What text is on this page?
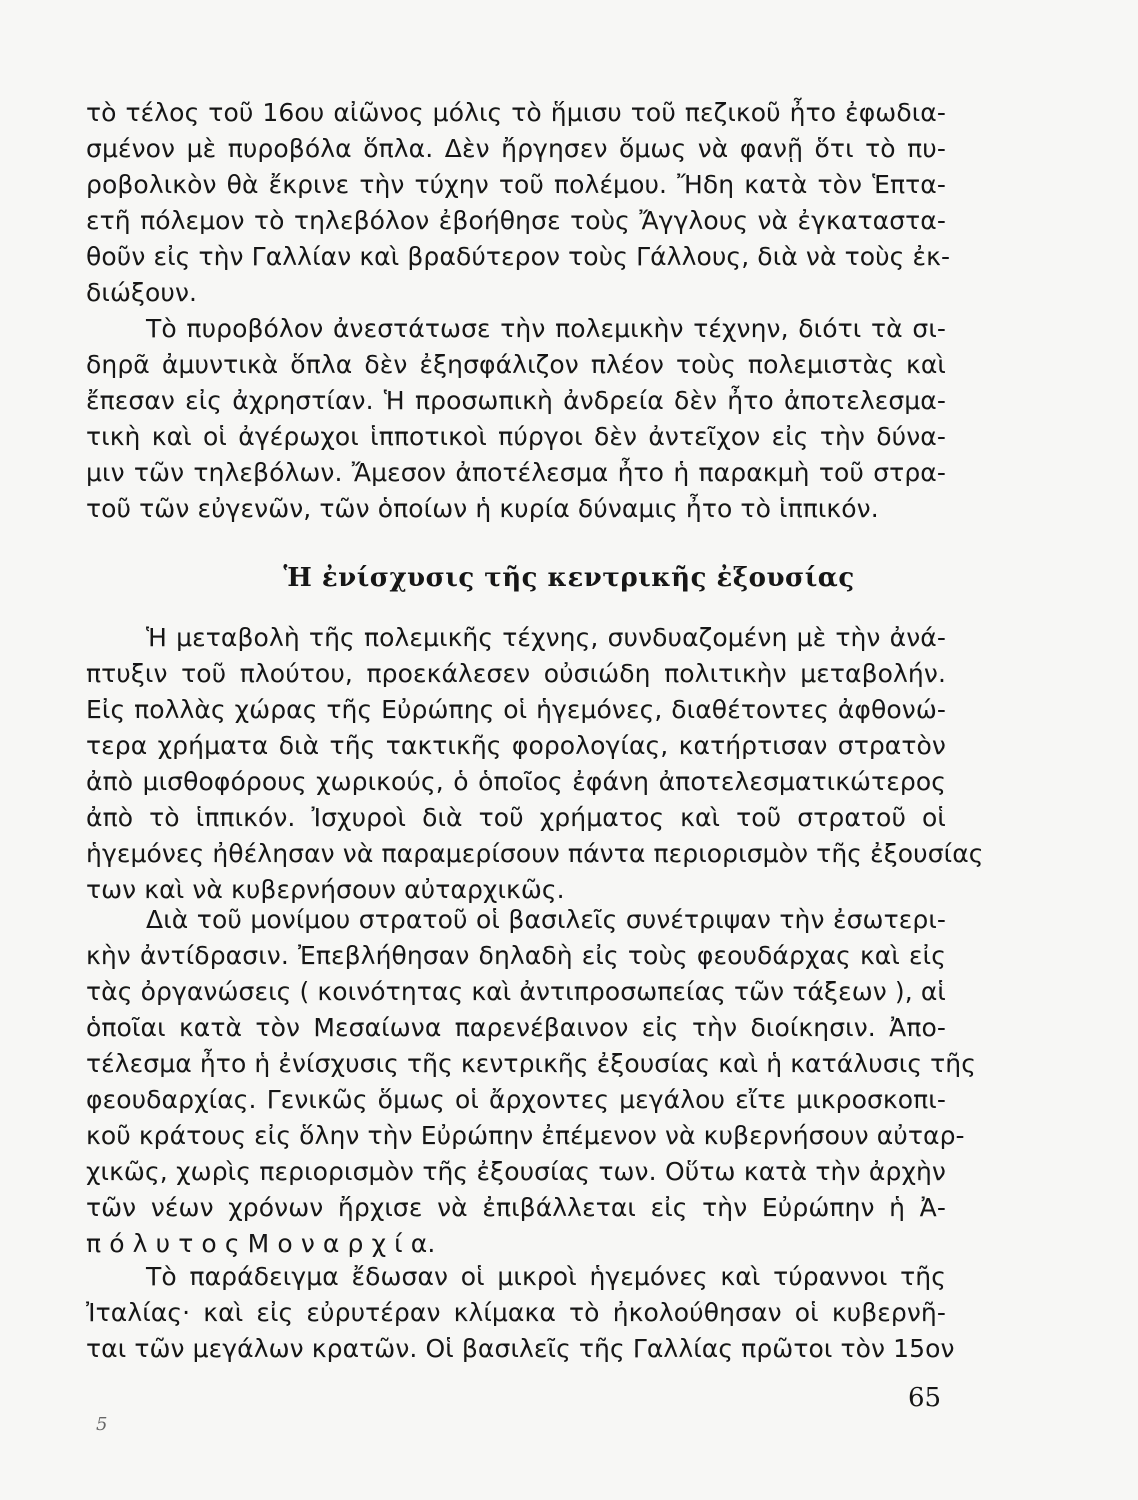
τὸ τέλος τοῦ 16ου αἰῶνος μόλις τὸ ἥμισυ τοῦ πεζικοῦ ἦτο ἐφωδια-
σμένον μὲ πυροβόλα ὅπλα. Δὲν ἤργησεν ὅμως νὰ φανῇ ὅτι τὸ πυ-
ροβολικὸν θὰ ἔκρινε τὴν τύχην τοῦ πολέμου. Ἤδη κατὰ τὸν Ἑπτα-
ετῆ πόλεμον τὸ τηλεβόλον ἐβοήθησε τοὺς Ἄγγλους νὰ ἐγκαταστα-
θοῦν εἰς τὴν Γαλλίαν καὶ βραδύτερον τοὺς Γάλλους, διὰ νὰ τοὺς ἐκ-
διώξουν.
Τὸ πυροβόλον ἀνεστάτωσε τὴν πολεμικὴν τέχνην, διότι τὰ σι-
δηρᾶ ἀμυντικὰ ὅπλα δὲν ἐξησφάλιζον πλέον τοὺς πολεμιστὰς καὶ
ἔπεσαν εἰς ἀχρηστίαν. Ἡ προσωπικὴ ἀνδρεία δὲν ἦτο ἀποτελεσμα-
τικὴ καὶ οἱ ἀγέρωχοι ἱπποτικοὶ πύργοι δὲν ἀντεῖχον εἰς τὴν δύνα-
μιν τῶν τηλεβόλων. Ἄμεσον ἀποτέλεσμα ἦτο ἡ παρακμὴ τοῦ στρα-
τοῦ τῶν εὐγενῶν, τῶν ὁποίων ἡ κυρία δύναμις ἦτο τὸ ἱππικόν.
Ἡ ἐνίσχυσις τῆς κεντρικῆς ἐξουσίας
Ἡ μεταβολὴ τῆς πολεμικῆς τέχνης, συνδυαζομένη μὲ τὴν ἀνά-
πτυξιν τοῦ πλούτου, προεκάλεσεν οὐσιώδη πολιτικὴν μεταβολήν.
Εἰς πολλὰς χώρας τῆς Εὐρώπης οἱ ἡγεμόνες, διαθέτοντες ἀφθονώ-
τερα χρήματα διὰ τῆς τακτικῆς φορολογίας, κατήρτισαν στρατὸν
ἀπὸ μισθοφόρους χωρικούς, ὁ ὁποῖος ἐφάνη ἀποτελεσματικώτερος
ἀπὸ τὸ ἱππικόν. Ἰσχυροὶ διὰ τοῦ χρήματος καὶ τοῦ στρατοῦ οἱ
ἡγεμόνες ἠθέλησαν νὰ παραμερίσουν πάντα περιορισμὸν τῆς ἐξουσίας
των καὶ νὰ κυβερνήσουν αὐταρχικῶς.
Διὰ τοῦ μονίμου στρατοῦ οἱ βασιλεῖς συνέτριψαν τὴν ἐσωτερι-
κὴν ἀντίδρασιν. Ἐπεβλήθησαν δηλαδὴ εἰς τοὺς φεουδάρχας καὶ εἰς
τὰς ὀργανώσεις ( κοινότητας καὶ ἀντιπροσωπείας τῶν τάξεων ), αἱ
ὁποῖαι κατὰ τὸν Μεσαίωνα παρενέβαινον εἰς τὴν διοίκησιν. Ἀπο-
τέλεσμα ἦτο ἡ ἐνίσχυσις τῆς κεντρικῆς ἐξουσίας καὶ ἡ κατάλυσις τῆς
φεουδαρχίας. Γενικῶς ὅμως οἱ ἄρχοντες μεγάλου εἴτε μικροσκοπι-
κοῦ κράτους εἰς ὅλην τὴν Εὐρώπην ἐπέμενον νὰ κυβερνήσουν αὐταρ-
χικῶς, χωρὶς περιορισμὸν τῆς ἐξουσίας των. Οὕτω κατὰ τὴν ἀρχὴν
τῶν νέων χρόνων ἤρχισε νὰ ἐπιβάλλεται εἰς τὴν Εὐρώπην ἡ Ἀ-
π ό λ υ τ ο ς Μ ο ν α ρ χ ί α.
Τὸ παράδειγμα ἔδωσαν οἱ μικροὶ ἡγεμόνες καὶ τύραννοι τῆς
Ἰταλίας· καὶ εἰς εὐρυτέραν κλίμακα τὸ ἠκολούθησαν οἱ κυβερνῆ-
ται τῶν μεγάλων κρατῶν. Οἱ βασιλεῖς τῆς Γαλλίας πρῶτοι τὸν 15ον
65
5
